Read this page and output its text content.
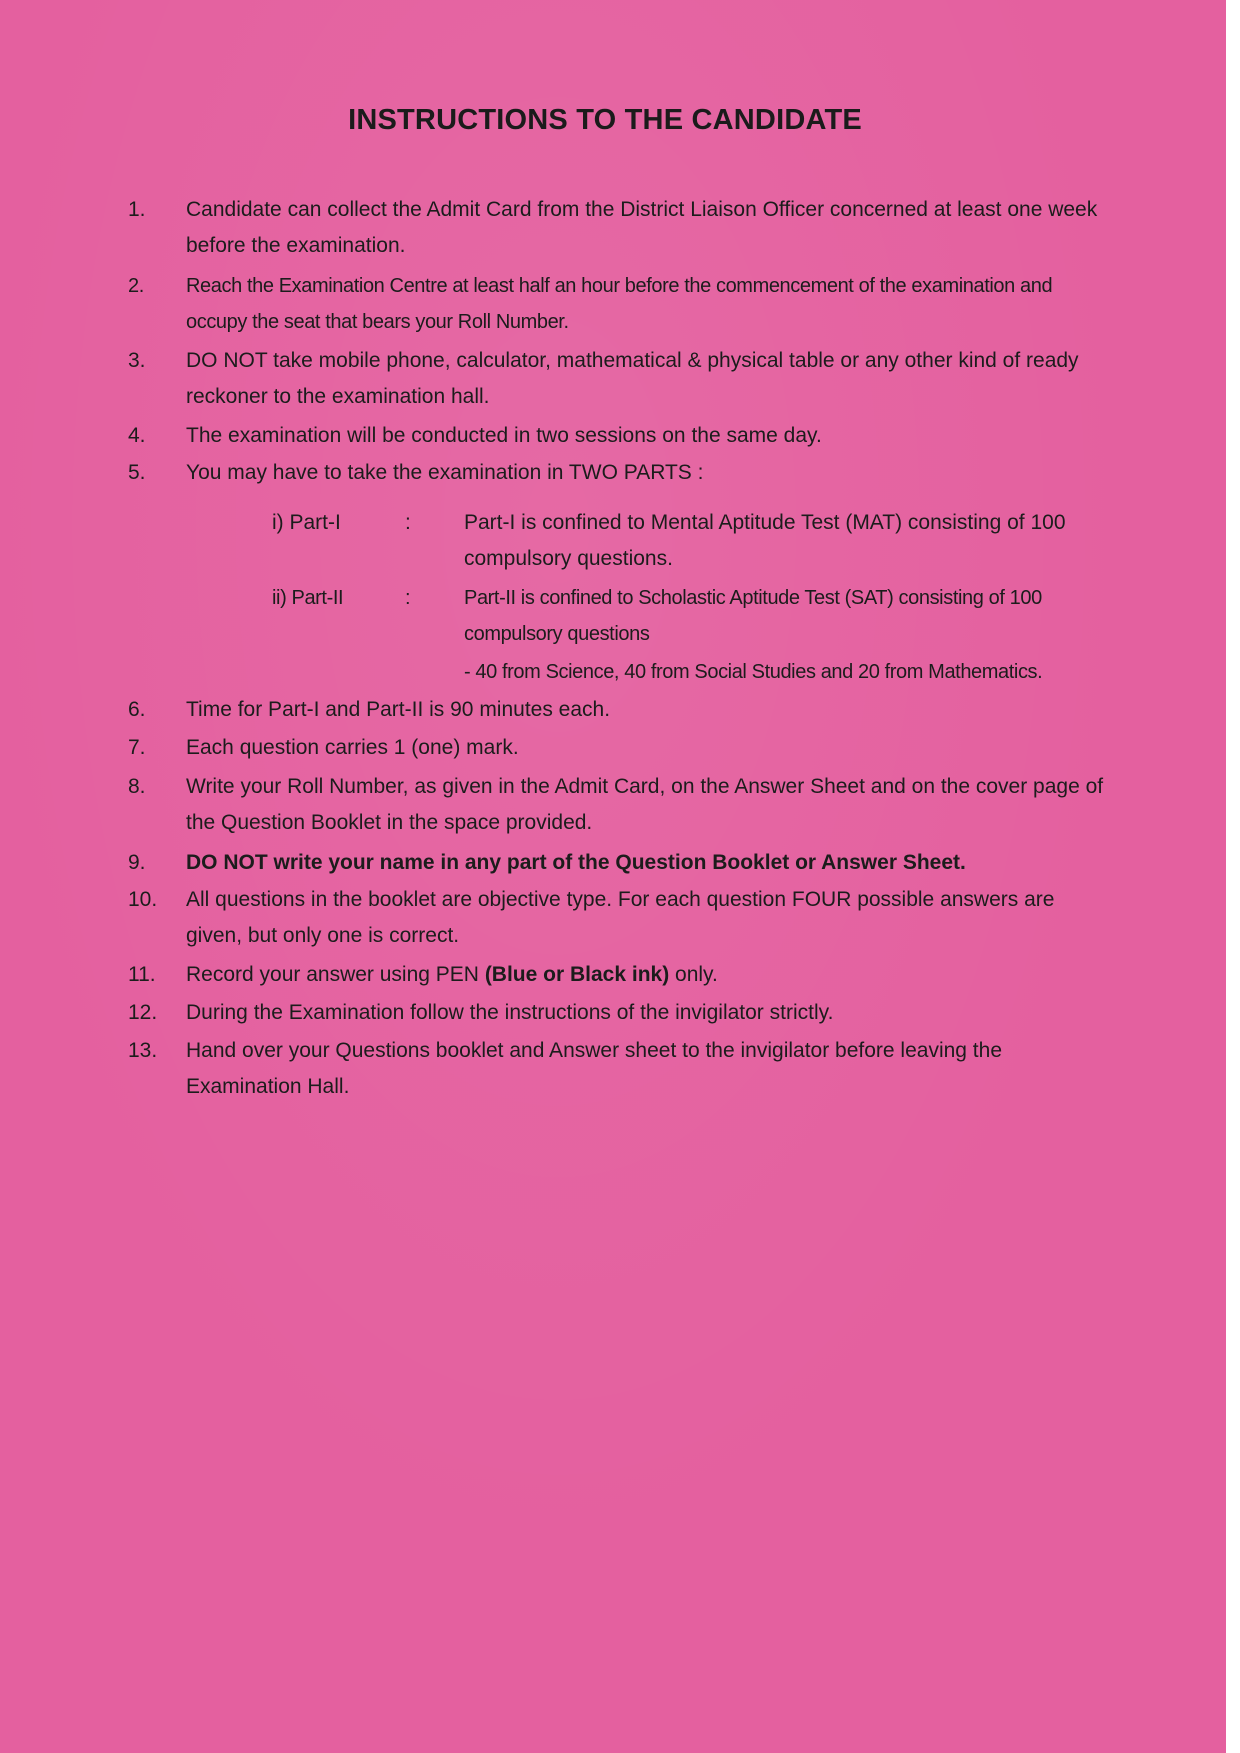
INSTRUCTIONS TO THE CANDIDATE
1.	Candidate can collect the Admit Card from the District Liaison Officer concerned at least one week before the examination.
2.	Reach the Examination Centre at least half an hour before the commencement of the examination and occupy the seat that bears your Roll Number.
3.	DO NOT take mobile phone, calculator, mathematical & physical table or any other kind of ready reckoner to the examination hall.
4.	The examination will be conducted in two sessions on the same day.
5.	You may have to take the examination in TWO PARTS :
i) Part-I	:	Part-I is confined to Mental Aptitude Test (MAT) consisting of 100 compulsory questions.
ii) Part-II	:	Part-II is confined to Scholastic Aptitude Test (SAT) consisting of 100 compulsory questions
- 40 from Science, 40 from Social Studies and 20 from Mathematics.
6.	Time for Part-I and Part-II is 90 minutes each.
7.	Each question carries 1 (one) mark.
8.	Write your Roll Number, as given in the Admit Card, on the Answer Sheet and on the cover page of the Question Booklet in the space provided.
9.	DO NOT write your name in any part of the Question Booklet or Answer Sheet.
10.	All questions in the booklet are objective type. For each question FOUR possible answers are given, but only one is correct.
11.	Record your answer using PEN (Blue or Black ink) only.
12.	During the Examination follow the instructions of the invigilator strictly.
13.	Hand over your Questions booklet and Answer sheet to the invigilator before leaving the Examination Hall.
